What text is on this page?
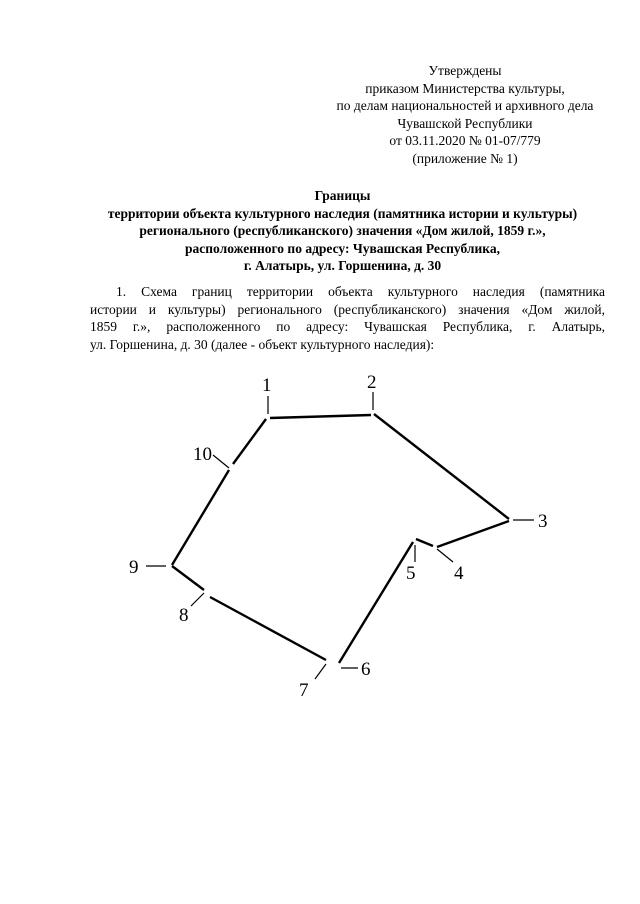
Утверждены
приказом Министерства культуры,
по делам национальностей и архивного дела
Чувашской Республики
от 03.11.2020 № 01-07/779
(приложение № 1)
Границы
территории объекта культурного наследия (памятника истории и культуры)
регионального (республиканского) значения «Дом жилой, 1859 г.»,
расположенного по адресу: Чувашская Республика,
г. Алатырь, ул. Горшенина, д. 30
1. Схема границ территории объекта культурного наследия (памятника
истории и культуры) регионального (республиканского) значения «Дом жилой,
1859 г.», расположенного по адресу: Чувашская Республика, г. Алатырь,
ул. Горшенина, д. 30 (далее - объект культурного наследия):
1	2
3
4
5
6
7
8
9
10
